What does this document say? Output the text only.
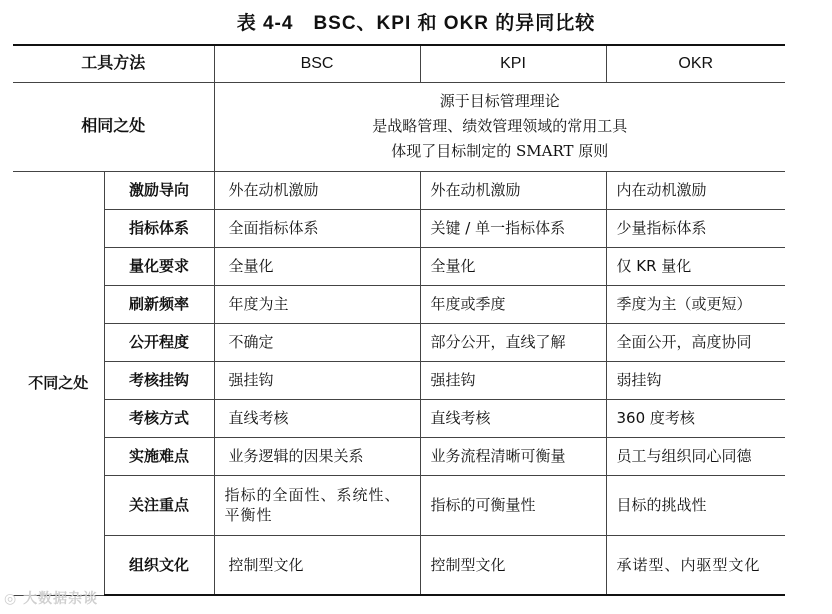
表 4-4　BSC、KPI 和 OKR 的异同比较
工具方法		BSC	KPI	OKR
相同之处		源于目标管理理论
是战略管理、绩效管理领域的常用工具
体现了目标制定的 SMART 原则		

不同之处	激励导向	外在动机激励	外在动机激励	内在动机激励
	指标体系	全面指标体系	关键 / 单一指标体系	少量指标体系
	量化要求	全量化	全量化	仅 KR 量化
	刷新频率	年度为主	年度或季度	季度为主（或更短）
	公开程度	不确定	部分公开，直线了解	全面公开，高度协同
	考核挂钩	强挂钩	强挂钩	弱挂钩
	考核方式	直线考核	直线考核	360 度考核
	实施难点	业务逻辑的因果关系	业务流程清晰可衡量	员工与组织同心同德
	关注重点	指标的全面性、系统性、平衡性	指标的可衡量性	目标的挑战性
	组织文化	控制型文化	控制型文化	承诺型、内驱型文化
◎ 大数据杂谈
